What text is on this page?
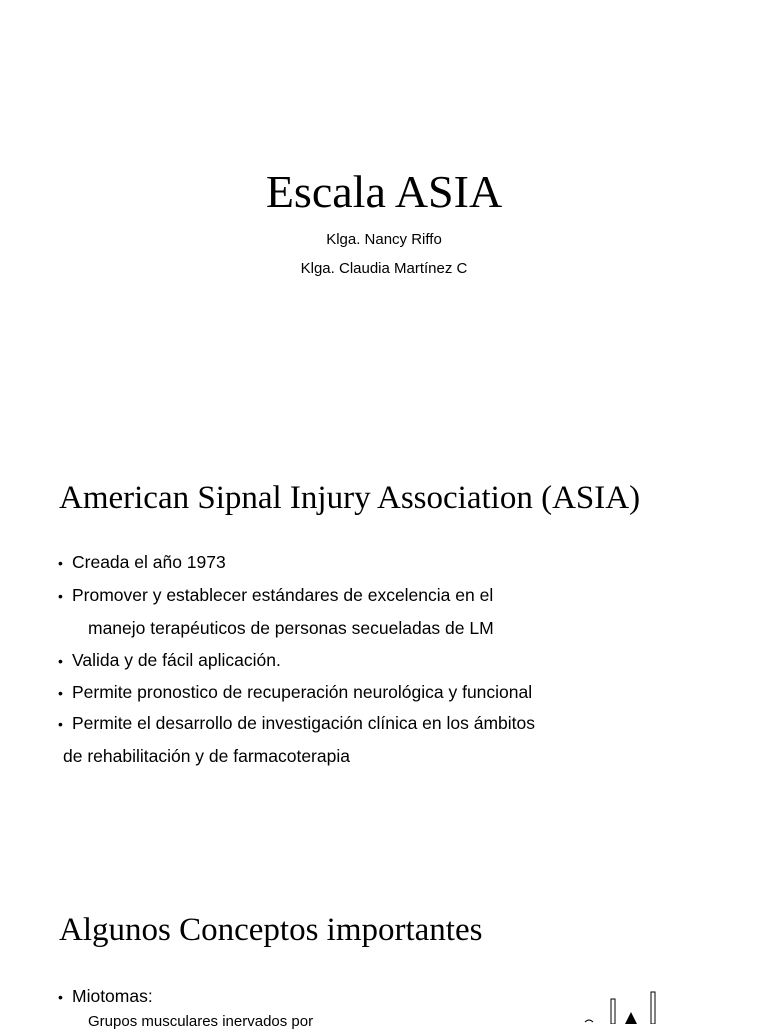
Escala ASIA
Klga. Nancy Riffo
Klga. Claudia Martínez C
American Sipnal Injury Association (ASIA)
• Creada el año 1973
• Promover y establecer estándares de excelencia en el
manejo terapéuticos de personas secueladas de LM
• Valida y de fácil aplicación.
• Permite pronostico de recuperación neurológica y funcional
• Permite el desarrollo de investigación clínica en los ámbitos
de rehabilitación y de farmacoterapia
Algunos Conceptos importantes
• Miotomas:
Grupos musculares inervados por
